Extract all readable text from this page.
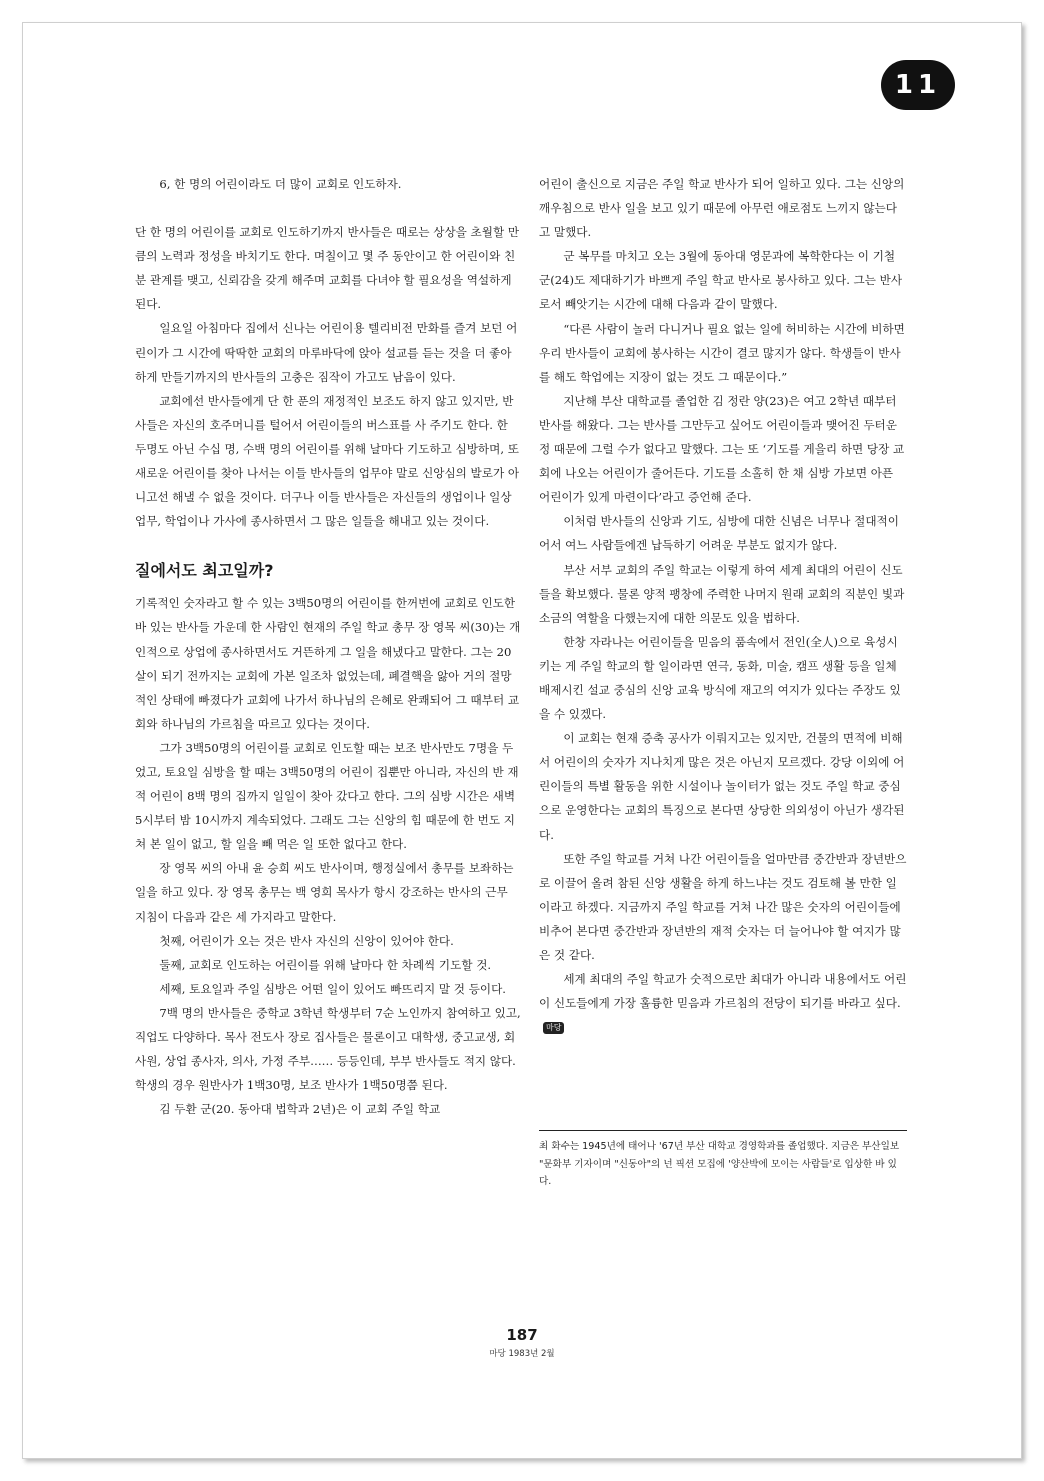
11

6, 한 명의 어린이라도 더 많이 교회로 인도하자.

단 한 명의 어린이를 교회로 인도하기까지 반사들은 때로는 상상을 초월할 만큼의 노력과 정성을 바치기도 한다. 며칠이고 몇 주 동안이고 한 어린이와 친분 관계를 맺고, 신뢰감을 갖게 해주며 교회를 다녀야 할 필요성을 역설하게 된다.

일요일 아침마다 집에서 신나는 어린이용 텔리비전 만화를 즐겨 보던 어린이가 그 시간에 딱딱한 교회의 마루바닥에 앉아 설교를 듣는 것을 더 좋아하게 만들기까지의 반사들의 고충은 짐작이 가고도 남음이 있다.

교회에선 반사들에게 단 한 푼의 재정적인 보조도 하지 않고 있지만, 반사들은 자신의 호주머니를 털어서 어린이들의 버스표를 사 주기도 한다. 한 두명도 아닌 수십 명, 수백 명의 어린이를 위해 날마다 기도하고 심방하며, 또 새로운 어린이를 찾아 나서는 이들 반사들의 업무야 말로 신앙심의 발로가 아니고선 해낼 수 없을 것이다. 더구나 이들 반사들은 자신들의 생업이나 일상 업무, 학업이나 가사에 종사하면서 그 많은 일들을 해내고 있는 것이다.

질에서도 최고일까?

기록적인 숫자라고 할 수 있는 3백50명의 어린이를 한꺼번에 교회로 인도한 바 있는 반사들 가운데 한 사람인 현재의 주일 학교 총무 장 영목 씨(30)는 개인적으로 상업에 종사하면서도 거뜬하게 그 일을 해냈다고 말한다. 그는 20살이 되기 전까지는 교회에 가본 일조차 없었는데, 폐결핵을 앓아 거의 절망적인 상태에 빠졌다가 교회에 나가서 하나님의 은혜로 완쾌되어 그 때부터 교회와 하나님의 가르침을 따르고 있다는 것이다.

그가 3백50명의 어린이를 교회로 인도할 때는 보조 반사만도 7명을 두었고, 토요일 심방을 할 때는 3백50명의 어린이 집뿐만 아니라, 자신의 반 재적 어린이 8백 명의 집까지 일일이 찾아 갔다고 한다. 그의 심방 시간은 새벽 5시부터 밤 10시까지 계속되었다. 그래도 그는 신앙의 힘 때문에 한 번도 지쳐 본 일이 없고, 할 일을 빼 먹은 일 또한 없다고 한다.

장 영목 씨의 아내 윤 승희 씨도 반사이며, 행정실에서 총무를 보좌하는 일을 하고 있다. 장 영목 총무는 백 영희 목사가 항시 강조하는 반사의 근무 지침이 다음과 같은 세 가지라고 말한다.

첫째, 어린이가 오는 것은 반사 자신의 신앙이 있어야 한다.

둘째, 교회로 인도하는 어린이를 위해 날마다 한 차례씩 기도할 것.

세째, 토요일과 주일 심방은 어떤 일이 있어도 빠뜨리지 말 것 등이다.

7백 명의 반사들은 중학교 3학년 학생부터 7순 노인까지 참여하고 있고, 직업도 다양하다. 목사 전도사 장로 집사들은 물론이고 대학생, 중고교생, 회사원, 상업 종사자, 의사, 가정 주부…… 등등인데, 부부 반사들도 적지 않다. 학생의 경우 원반사가 1백30명, 보조 반사가 1백50명쯤 된다.

김 두환 군(20. 동아대 법학과 2년)은 이 교회 주일 학교

어린이 출신으로 지금은 주일 학교 반사가 되어 일하고 있다. 그는 신앙의 깨우침으로 반사 일을 보고 있기 때문에 아무런 애로점도 느끼지 않는다고 말했다.

군 복무를 마치고 오는 3월에 동아대 영문과에 복학한다는 이 기철 군(24)도 제대하기가 바쁘게 주일 학교 반사로 봉사하고 있다. 그는 반사로서 빼앗기는 시간에 대해 다음과 같이 말했다.

“다른 사람이 놀러 다니거나 필요 없는 일에 허비하는 시간에 비하면 우리 반사들이 교회에 봉사하는 시간이 결코 많지가 않다. 학생들이 반사를 해도 학업에는 지장이 없는 것도 그 때문이다.”

지난해 부산 대학교를 졸업한 김 정란 양(23)은 여고 2학년 때부터 반사를 해왔다. 그는 반사를 그만두고 싶어도 어린이들과 맺어진 두터운 정 때문에 그럴 수가 없다고 말했다. 그는 또 ‘기도를 게을리 하면 당장 교회에 나오는 어린이가 줄어든다. 기도를 소홀히 한 채 심방 가보면 아픈 어린이가 있게 마련이다’라고 증언해 준다.

이처럼 반사들의 신앙과 기도, 심방에 대한 신념은 너무나 절대적이어서 여느 사람들에겐 납득하기 어려운 부분도 없지가 않다.

부산 서부 교회의 주일 학교는 이렇게 하여 세계 최대의 어린이 신도들을 확보했다. 물론 양적 팽창에 주력한 나머지 원래 교회의 직분인 빛과 소금의 역할을 다했는지에 대한 의문도 있을 법하다.

한창 자라나는 어린이들을 믿음의 품속에서 전인(全人)으로 육성시키는 게 주일 학교의 할 일이라면 연극, 동화, 미술, 캠프 생활 등을 일체 배제시킨 설교 중심의 신앙 교육 방식에 재고의 여지가 있다는 주장도 있을 수 있겠다.

이 교회는 현재 증축 공사가 이뤄지고는 있지만, 건물의 면적에 비해서 어린이의 숫자가 지나치게 많은 것은 아닌지 모르겠다. 강당 이외에 어린이들의 특별 활동을 위한 시설이나 놀이터가 없는 것도 주일 학교 중심으로 운영한다는 교회의 특징으로 본다면 상당한 의외성이 아닌가 생각된다.

또한 주일 학교를 거쳐 나간 어린이들을 얼마만큼 중간반과 장년반으로 이끌어 올려 참된 신앙 생활을 하게 하느냐는 것도 검토해 볼 만한 일이라고 하겠다. 지금까지 주일 학교를 거쳐 나간 많은 숫자의 어린이들에 비추어 본다면 중간반과 장년반의 재적 숫자는 더 늘어나야 할 여지가 많은 것 같다.

세계 최대의 주일 학교가 숫적으로만 최대가 아니라 내용에서도 어린이 신도들에게 가장 훌륭한 믿음과 가르침의 전당이 되기를 바라고 싶다.마당

최 화수는 1945년에 태어나 '67년 부산 대학교 경영학과를 졸업했다. 지금은 부산일보 "문화부 기자이며 "신동아"의 넌 픽션 모집에 '양산박에 모이는 사람들'로 입상한 바 있다.

187
마당 1983년 2월
